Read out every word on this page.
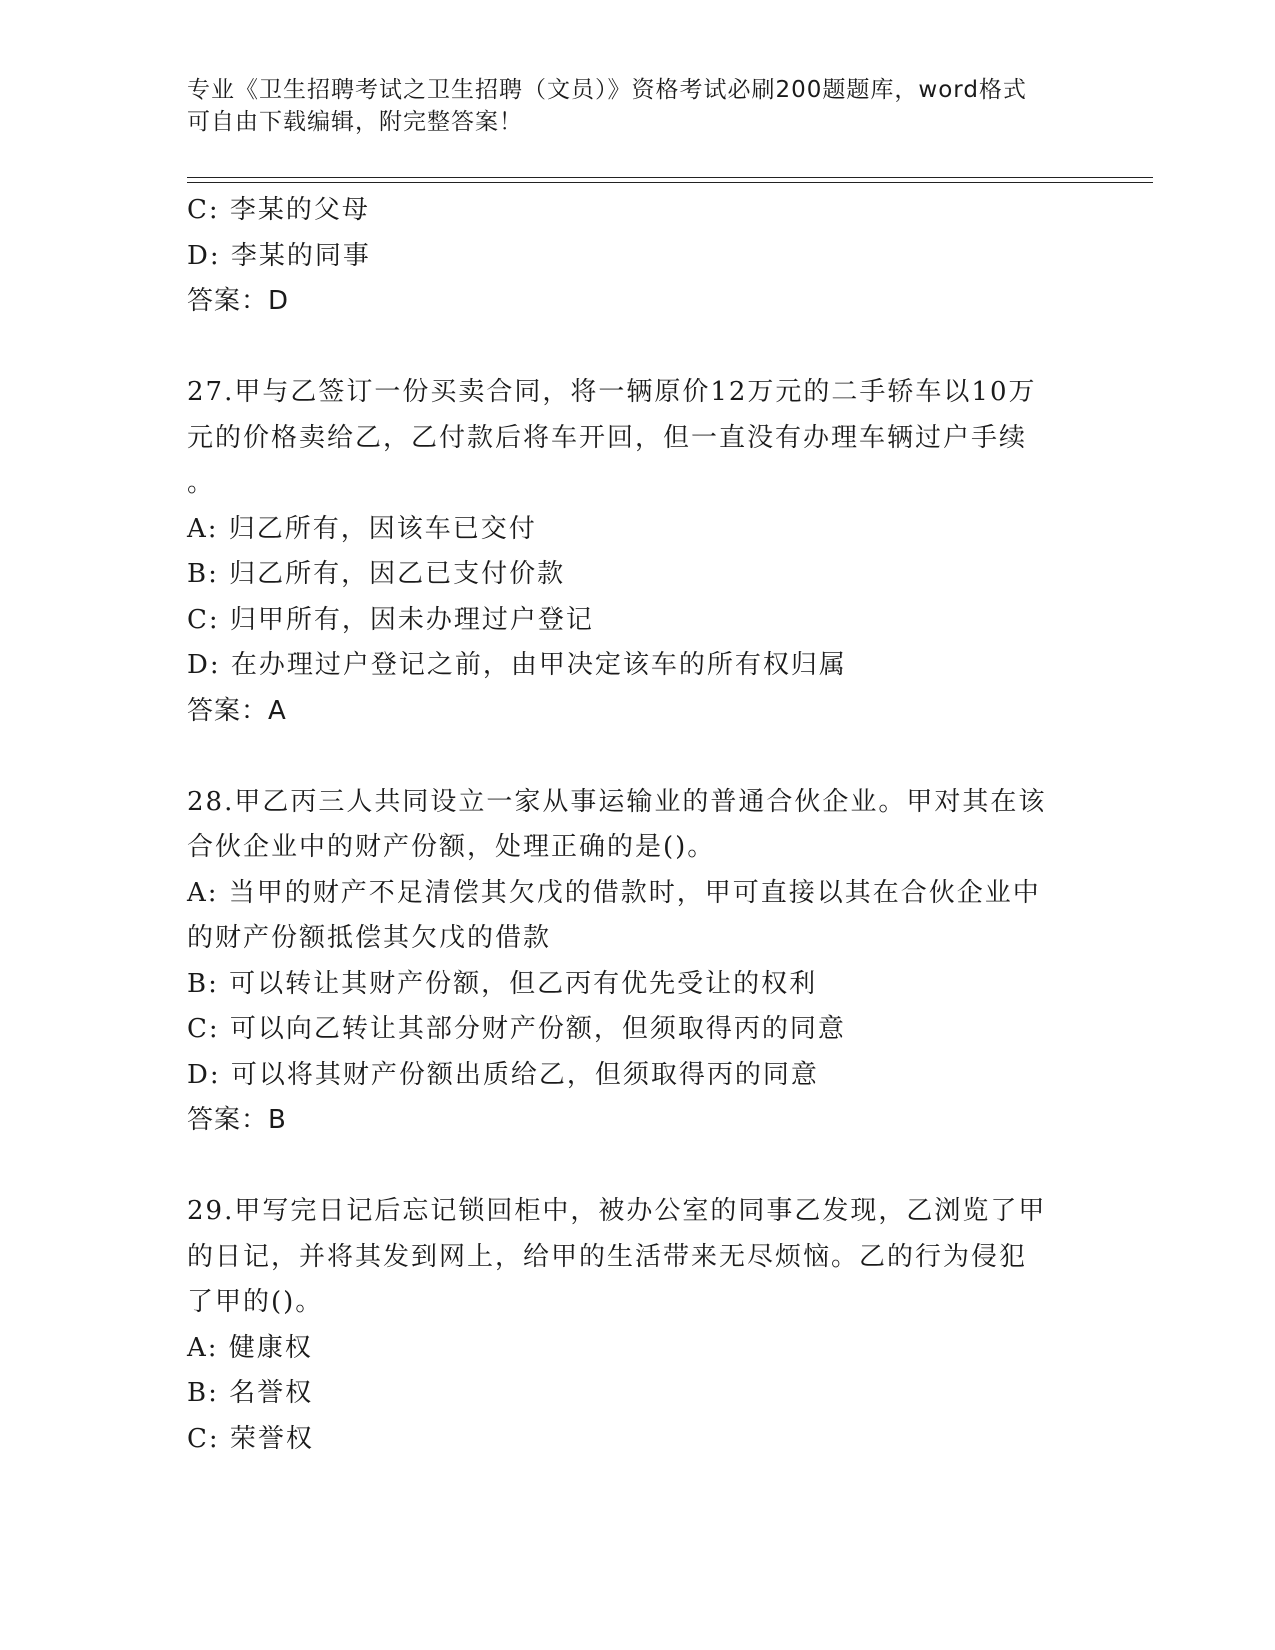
专业《卫生招聘考试之卫生招聘（文员）》资格考试必刷200题题库，word格式
可自由下载编辑，附完整答案！
C: 李某的父母
D: 李某的同事
答案：D
27.甲与乙签订一份买卖合同，将一辆原价12万元的二手轿车以10万
元的价格卖给乙，乙付款后将车开回，但一直没有办理车辆过户手续
。
A: 归乙所有，因该车已交付
B: 归乙所有，因乙已支付价款
C: 归甲所有，因未办理过户登记
D: 在办理过户登记之前，由甲决定该车的所有权归属
答案：A
28.甲乙丙三人共同设立一家从事运输业的普通合伙企业。甲对其在该
合伙企业中的财产份额，处理正确的是()。
A: 当甲的财产不足清偿其欠戊的借款时，甲可直接以其在合伙企业中
的财产份额抵偿其欠戊的借款
B: 可以转让其财产份额，但乙丙有优先受让的权利
C: 可以向乙转让其部分财产份额，但须取得丙的同意
D: 可以将其财产份额出质给乙，但须取得丙的同意
答案：B
29.甲写完日记后忘记锁回柜中，被办公室的同事乙发现，乙浏览了甲
的日记，并将其发到网上，给甲的生活带来无尽烦恼。乙的行为侵犯
了甲的()。
A: 健康权
B: 名誉权
C: 荣誉权
